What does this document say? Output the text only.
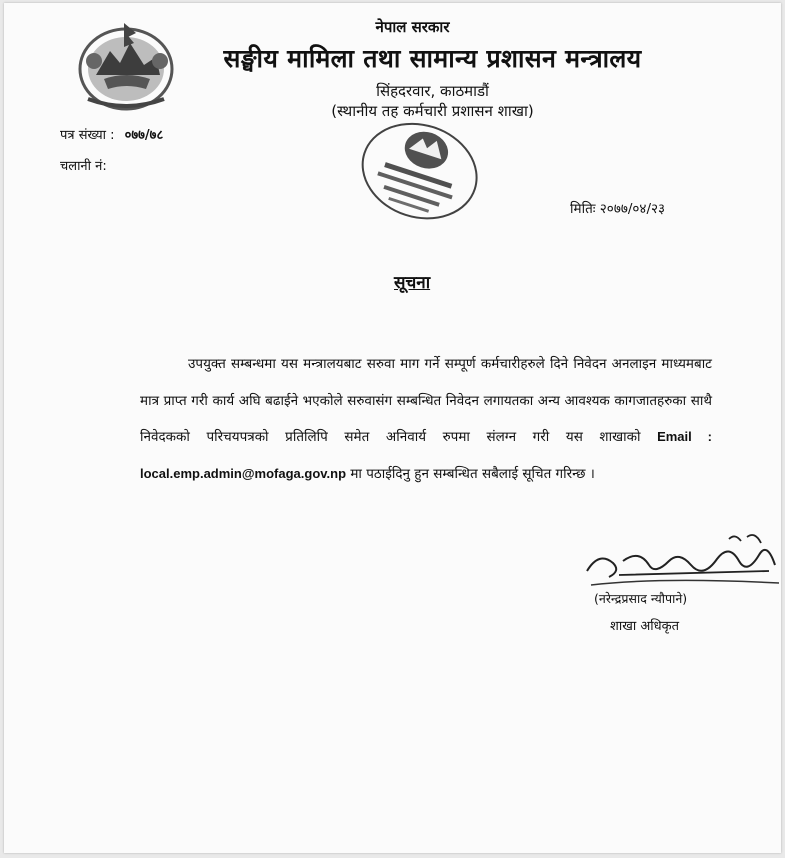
नेपाल सरकार
सङ्घीय मामिला तथा सामान्य प्रशासन मन्त्रालय
सिंहदरवार, काठमाडौं
(स्थानीय तह कर्मचारी प्रशासन शाखा)
पत्र संख्या : ०७७/७८
चलानी नं:
मितिः २०७७/०४/२३
सूचना

उपयुक्त सम्बन्धमा यस मन्त्रालयबाट सरुवा माग गर्ने सम्पूर्ण कर्मचारीहरुले दिने निवेदन अनलाइन माध्यमबाट मात्र प्राप्त गरी कार्य अघि बढाईने भएकोले सरुवासंग सम्बन्धित निवेदन लगायतका अन्य आवश्यक कागजातहरुका साथै निवेदकको परिचयपत्रको प्रतिलिपि समेत अनिवार्य रुपमा संलग्न गरी यस शाखाको Email : local.emp.admin@mofaga.gov.np मा पठाईदिनु हुन सम्बन्धित सबैलाई सूचित गरिन्छ ।

(नरेन्द्रप्रसाद न्यौपाने)
शाखा अधिकृत
